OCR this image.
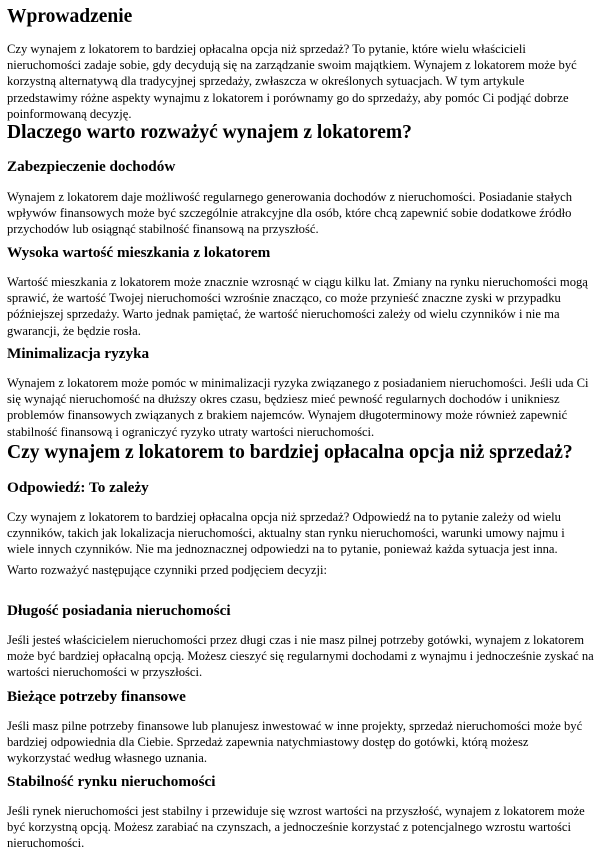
Wprowadzenie

Czy wynajem z lokatorem to bardziej opłacalna opcja niż sprzedaż? To pytanie, które wielu właścicieli nieruchomości zadaje sobie, gdy decydują się na zarządzanie swoim majątkiem. Wynajem z lokatorem może być korzystną alternatywą dla tradycyjnej sprzedaży, zwłaszcza w określonych sytuacjach. W tym artykule przedstawimy różne aspekty wynajmu z lokatorem i porównamy go do sprzedaży, aby pomóc Ci podjąć dobrze poinformowaną decyzję.

Dlaczego warto rozważyć wynajem z lokatorem?
Zabezpieczenie dochodów

Wynajem z lokatorem daje możliwość regularnego generowania dochodów z nieruchomości. Posiadanie stałych wpływów finansowych może być szczególnie atrakcyjne dla osób, które chcą zapewnić sobie dodatkowe źródło przychodów lub osiągnąć stabilność finansową na przyszłość.

Wysoka wartość mieszkania z lokatorem

Wartość mieszkania z lokatorem może znacznie wzrosnąć w ciągu kilku lat. Zmiany na rynku nieruchomości mogą sprawić, że wartość Twojej nieruchomości wzrośnie znacząco, co może przynieść znaczne zyski w przypadku późniejszej sprzedaży. Warto jednak pamiętać, że wartość nieruchomości zależy od wielu czynników i nie ma gwarancji, że będzie rosła.

Minimalizacja ryzyka

Wynajem z lokatorem może pomóc w minimalizacji ryzyka związanego z posiadaniem nieruchomości. Jeśli uda Ci się wynająć nieruchomość na dłuższy okres czasu, będziesz mieć pewność regularnych dochodów i unikniesz problemów finansowych związanych z brakiem najemców. Wynajem długoterminowy może również zapewnić stabilność finansową i ograniczyć ryzyko utraty wartości nieruchomości.

Czy wynajem z lokatorem to bardziej opłacalna opcja niż sprzedaż?
Odpowiedź: To zależy

Czy wynajem z lokatorem to bardziej opłacalna opcja niż sprzedaż? Odpowiedź na to pytanie zależy od wielu czynników, takich jak lokalizacja nieruchomości, aktualny stan rynku nieruchomości, warunki umowy najmu i wiele innych czynników. Nie ma jednoznacznej odpowiedzi na to pytanie, ponieważ każda sytuacja jest inna.

Warto rozważyć następujące czynniki przed podjęciem decyzji:

Długość posiadania nieruchomości

Jeśli jesteś właścicielem nieruchomości przez długi czas i nie masz pilnej potrzeby gotówki, wynajem z lokatorem może być bardziej opłacalną opcją. Możesz cieszyć się regularnymi dochodami z wynajmu i jednocześnie zyskać na wartości nieruchomości w przyszłości.

Bieżące potrzeby finansowe

Jeśli masz pilne potrzeby finansowe lub planujesz inwestować w inne projekty, sprzedaż nieruchomości może być bardziej odpowiednia dla Ciebie. Sprzedaż zapewnia natychmiastowy dostęp do gotówki, którą możesz wykorzystać według własnego uznania.

Stabilność rynku nieruchomości

Jeśli rynek nieruchomości jest stabilny i przewiduje się wzrost wartości na przyszłość, wynajem z lokatorem może być korzystną opcją. Możesz zarabiać na czynszach, a jednocześnie korzystać z potencjalnego wzrostu wartości nieruchomości.
